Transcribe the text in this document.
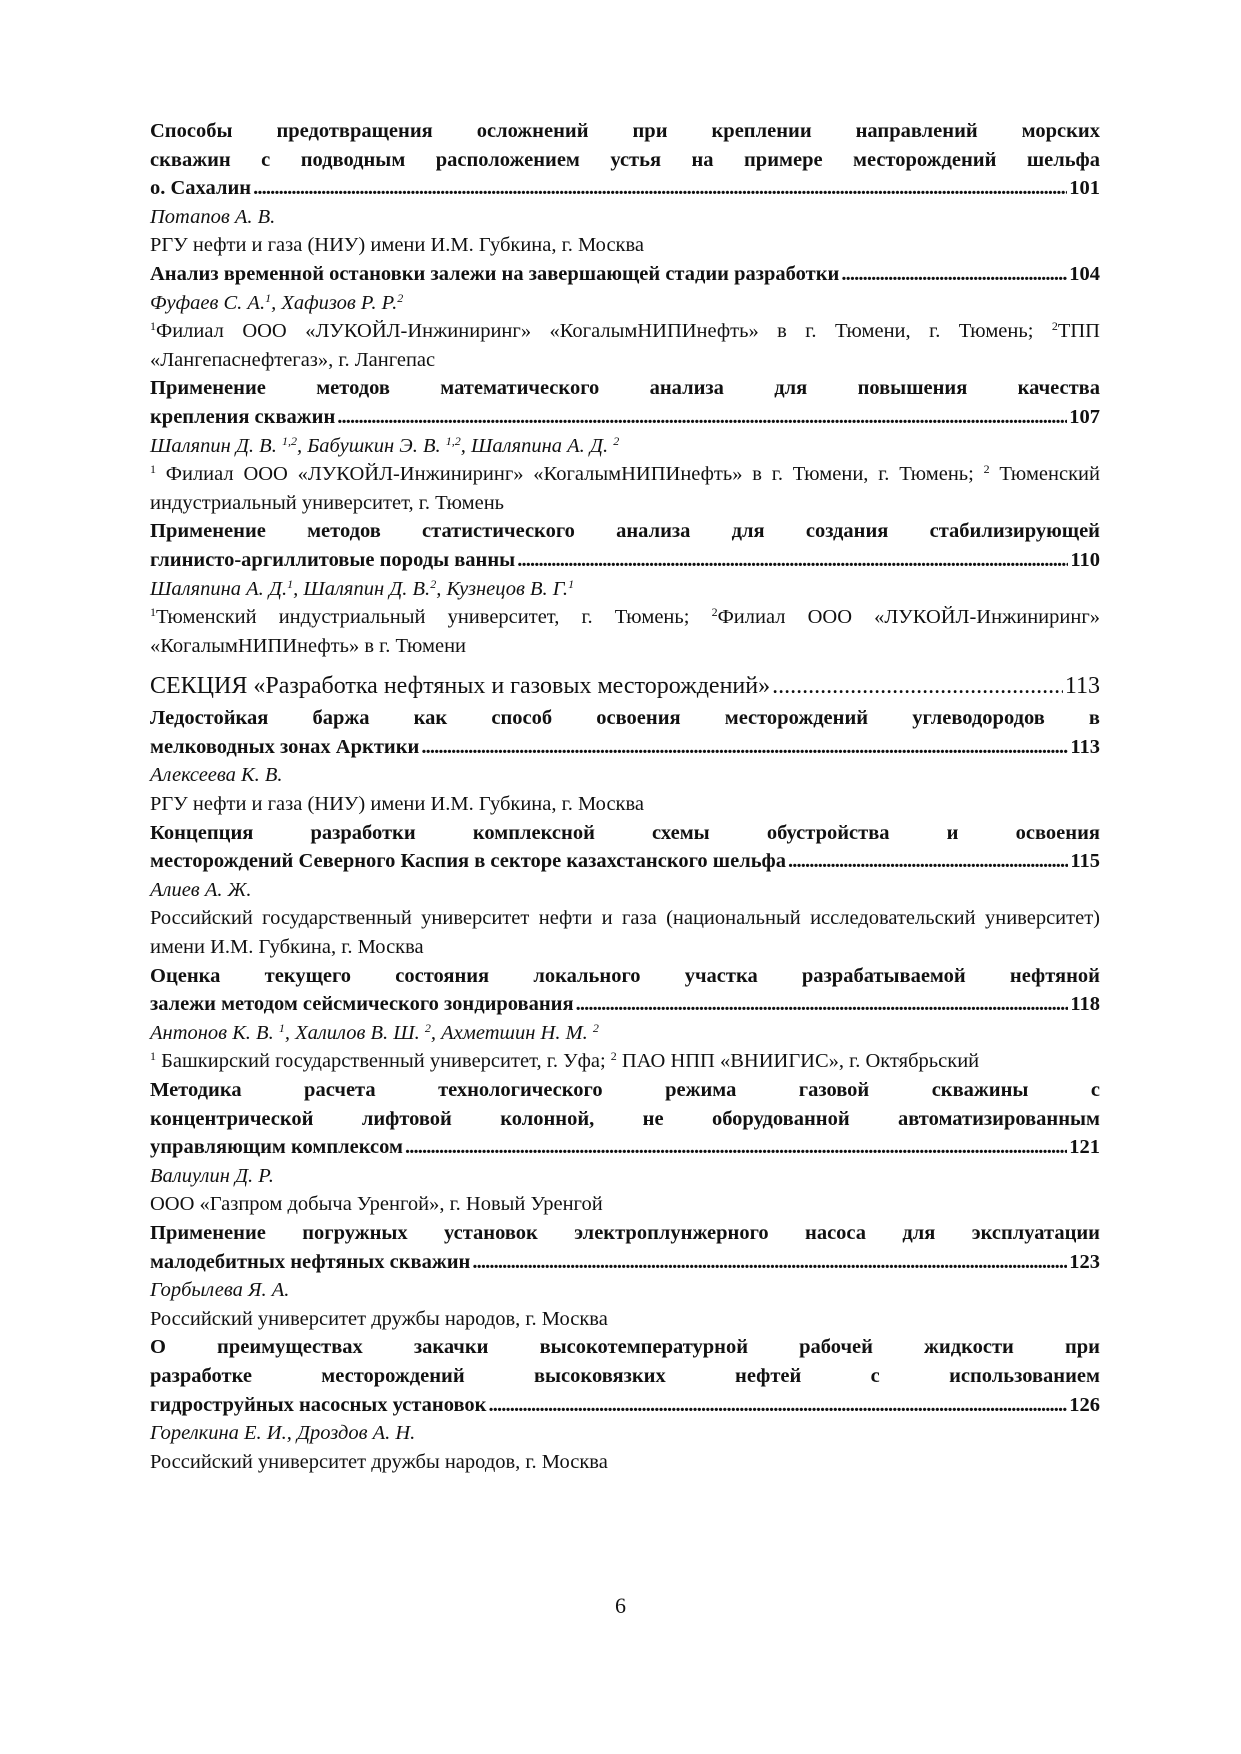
Способы предотвращения осложнений при креплении направлений морских
скважин с подводным расположением устья на примере месторождений шельфа
о. Сахалин . . .	101
Потапов А. В.
РГУ нефти и газа (НИУ) имени И.М. Губкина, г. Москва
Анализ временной остановки залежи на завершающей стадии разработки . . .	104
Фуфаев С. А.$^1$, Хафизов Р. Р.$^2$
$^1$Филиал ООО «ЛУКОЙЛ-Инжиниринг» «КогалымНИПИнефть» в г. Тюмени, г. Тюмень; $^2$ТПП «Лангепаснефтегаз», г. Лангепас
Применение методов математического анализа для повышения качества
крепления скважин . . .	107
Шаляпин Д. В. $^{1,2}$, Бабушкин Э. В. $^{1,2}$, Шаляпина А. Д. $^2$
$^1$ Филиал ООО «ЛУКОЙЛ-Инжиниринг» «КогалымНИПИнефть» в г. Тюмени, г. Тюмень; $^2$ Тюменский индустриальный университет, г. Тюмень
Применение методов статистического анализа для создания стабилизирующей
глинисто-аргиллитовые породы ванны . . .	110
Шаляпина А. Д.$^1$, Шаляпин Д. В.$^2$, Кузнецов В. Г.$^1$
$^1$Тюменский индустриальный университет, г. Тюмень; $^2$Филиал ООО «ЛУКОЙЛ-Инжиниринг» «КогалымНИПИнефть» в г. Тюмени
СЕКЦИЯ «Разработка нефтяных и газовых месторождений» . . .	113
Ледостойкая баржа как способ освоения месторождений углеводородов в
мелководных зонах Арктики . . .	113
Алексеева К. В.
РГУ нефти и газа (НИУ) имени И.М. Губкина, г. Москва
Концепция разработки комплексной схемы обустройства и освоения
месторождений Северного Каспия в секторе казахстанского шельфа . . .	115
Алиев А. Ж.
Российский государственный университет нефти и газа (национальный исследовательский университет) имени И.М. Губкина, г. Москва
Оценка текущего состояния локального участка разрабатываемой нефтяной
залежи методом сейсмического зондирования . . .	118
Антонов К. В. $^1$, Халилов В. Ш. $^2$, Ахметшин Н. М. $^2$
$^1$ Башкирский государственный университет, г. Уфа; $^2$ ПАО НПП «ВНИИГИС», г. Октябрьский
Методика расчета технологического режима газовой скважины с
концентрической лифтовой колонной, не оборудованной автоматизированным
управляющим комплексом . . .	121
Валиулин Д. Р.
ООО «Газпром добыча Уренгой», г. Новый Уренгой
Применение погружных установок электроплунжерного насоса для эксплуатации
малодебитных нефтяных скважин . . .	123
Горбылева Я. А.
Российский университет дружбы народов, г. Москва
О преимуществах закачки высокотемпературной рабочей жидкости при
разработке месторождений высоковязких нефтей с использованием
гидроструйных насосных установок . . .	126
Горелкина Е. И., Дроздов А. Н.
Российский университет дружбы народов, г. Москва
6
